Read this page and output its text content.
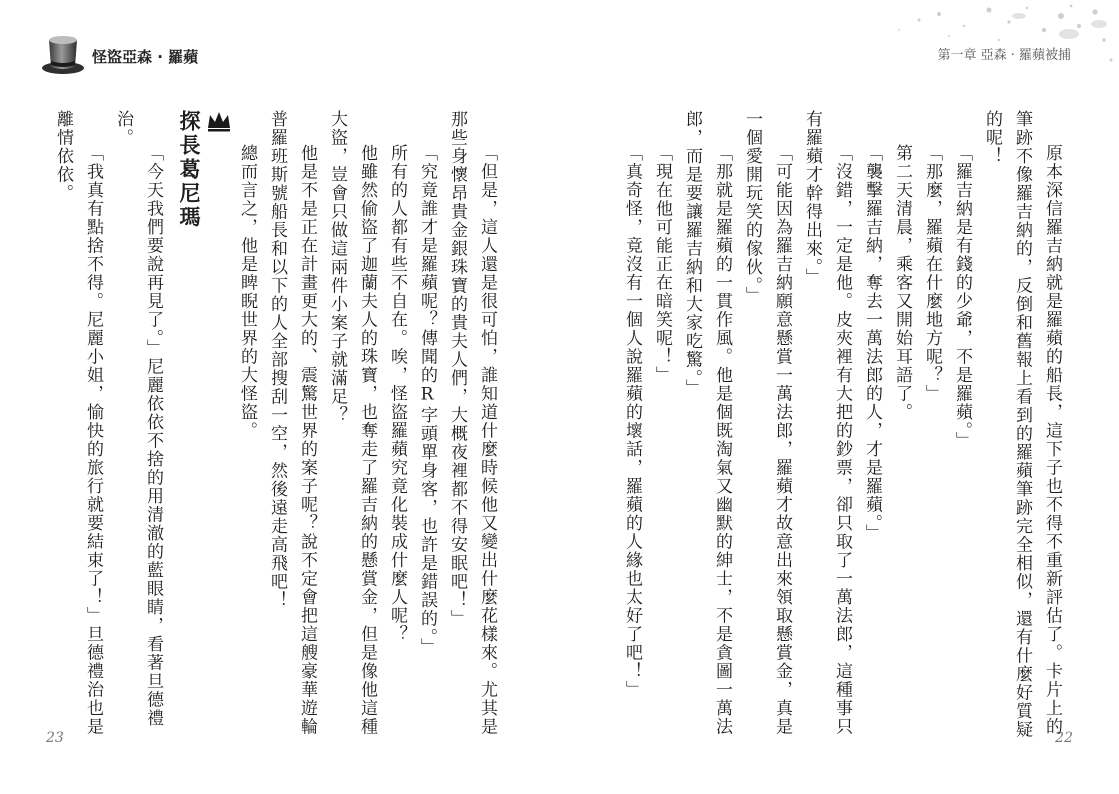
怪盜亞森 · 羅蘋	第一章 亞森 · 羅蘋被捕

原本深信羅吉納就是羅蘋的船長，這下子也不得不重新評估了。卡片上的筆跡不像羅吉納的，反倒和舊報上看到的羅蘋筆跡完全相似，還有什麼好質疑的呢！

「羅吉納是有錢的少爺，不是羅蘋。」

「那麼，羅蘋在什麼地方呢？」

第二天清晨，乘客又開始耳語了。

「襲擊羅吉納，奪去一萬法郎的人，才是羅蘋。」

「沒錯，一定是他。皮夾裡有大把的鈔票，卻只取了一萬法郎，這種事只有羅蘋才幹得出來。」

「可能因為羅吉納願意懸賞一萬法郎，羅蘋才故意出來領取懸賞金，真是一個愛開玩笑的傢伙。」

「那就是羅蘋的一貫作風。他是個既淘氣又幽默的紳士，不是貪圖一萬法郎，而是要讓羅吉納和大家吃驚。」

「現在他可能正在暗笑呢！」

「真奇怪，竟沒有一個人說羅蘋的壞話，羅蘋的人緣也太好了吧！」

「但是，這人還是很可怕，誰知道什麼時候他又變出什麼花樣來。尤其是那些身懷昂貴金銀珠寶的貴夫人們，大概夜裡都不得安眠吧！」

「究竟誰才是羅蘋呢？傳聞的R字頭單身客，也許是錯誤的。」

所有的人都有些不自在。唉，怪盜羅蘋究竟化裝成什麼人呢？

他雖然偷盜了迦蘭夫人的珠寶，也奪走了羅吉納的懸賞金，但是像他這種大盜，豈會只做這兩件小案子就滿足？

他是不是正在計畫更大的、震驚世界的案子呢？說不定會把這艘豪華遊輪普羅班斯號船長和以下的人全部搜刮一空，然後遠走高飛吧！

總而言之，他是睥睨世界的大怪盜。

探長葛尼瑪

「今天我們要說再見了。」尼麗依依不捨的用清澈的藍眼睛，看著旦德禮治。

「我真有點捨不得。尼麗小姐，愉快的旅行就要結束了！」旦德禮治也是離情依依。

23	22
